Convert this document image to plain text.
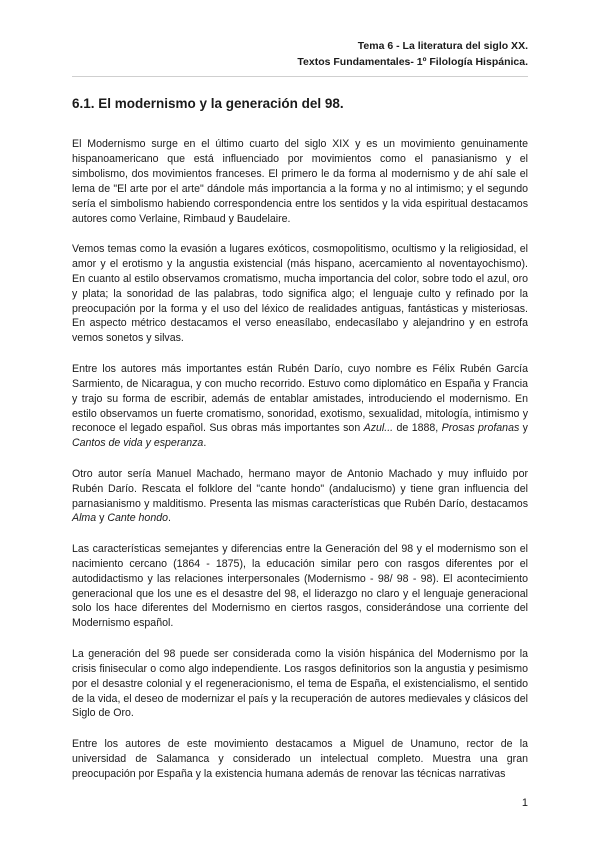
Tema 6 - La literatura del siglo XX.
Textos Fundamentales- 1º Filología Hispánica.
6.1. El modernismo y la generación del 98.

El Modernismo surge en el último cuarto del siglo XIX y es un movimiento genuinamente hispanoamericano que está influenciado por movimientos como el panasianismo y el simbolismo, dos movimientos franceses. El primero le da forma al modernismo y de ahí sale el lema de "El arte por el arte" dándole más importancia a la forma y no al intimismo; y el segundo sería el simbolismo habiendo correspondencia entre los sentidos y la vida espiritual destacamos autores como Verlaine, Rimbaud y Baudelaire.

Vemos temas como la evasión a lugares exóticos, cosmopolitismo, ocultismo y la religiosidad, el amor y el erotismo y la angustia existencial (más hispano, acercamiento al noventayochismo). En cuanto al estilo observamos cromatismo, mucha importancia del color, sobre todo el azul, oro y plata; la sonoridad de las palabras, todo significa algo; el lenguaje culto y refinado por la preocupación por la forma y el uso del léxico de realidades antiguas, fantásticas y misteriosas. En aspecto métrico destacamos el verso eneasílabo, endecasílabo y alejandrino y en estrofa vemos sonetos y silvas.

Entre los autores más importantes están Rubén Darío, cuyo nombre es Félix Rubén García Sarmiento, de Nicaragua, y con mucho recorrido. Estuvo como diplomático en España y Francia y trajo su forma de escribir, además de entablar amistades, introduciendo el modernismo. En estilo observamos un fuerte cromatismo, sonoridad, exotismo, sexualidad, mitología, intimismo y reconoce el legado español. Sus obras más importantes son Azul... de 1888, Prosas profanas y Cantos de vida y esperanza.

Otro autor sería Manuel Machado, hermano mayor de Antonio Machado y muy influido por Rubén Darío. Rescata el folklore del "cante hondo" (andalucismo) y tiene gran influencia del parnasianismo y malditismo. Presenta las mismas características que Rubén Darío, destacamos Alma y Cante hondo.

Las características semejantes y diferencias entre la Generación del 98 y el modernismo son el nacimiento cercano (1864 - 1875), la educación similar pero con rasgos diferentes por el autodidactismo y las relaciones interpersonales (Modernismo - 98/ 98 - 98). El acontecimiento generacional que los une es el desastre del 98, el liderazgo no claro y el lenguaje generacional solo los hace diferentes del Modernismo en ciertos rasgos, considerándose una corriente del Modernismo español.

La generación del 98 puede ser considerada como la visión hispánica del Modernismo por la crisis finisecular o como algo independiente. Los rasgos definitorios son la angustia y pesimismo por el desastre colonial y el regeneracionismo, el tema de España, el existencialismo, el sentido de la vida, el deseo de modernizar el país y la recuperación de autores medievales y clásicos del Siglo de Oro.

Entre los autores de este movimiento destacamos a Miguel de Unamuno, rector de la universidad de Salamanca y considerado un intelectual completo. Muestra una gran preocupación por España y la existencia humana además de renovar las técnicas narrativas

1
